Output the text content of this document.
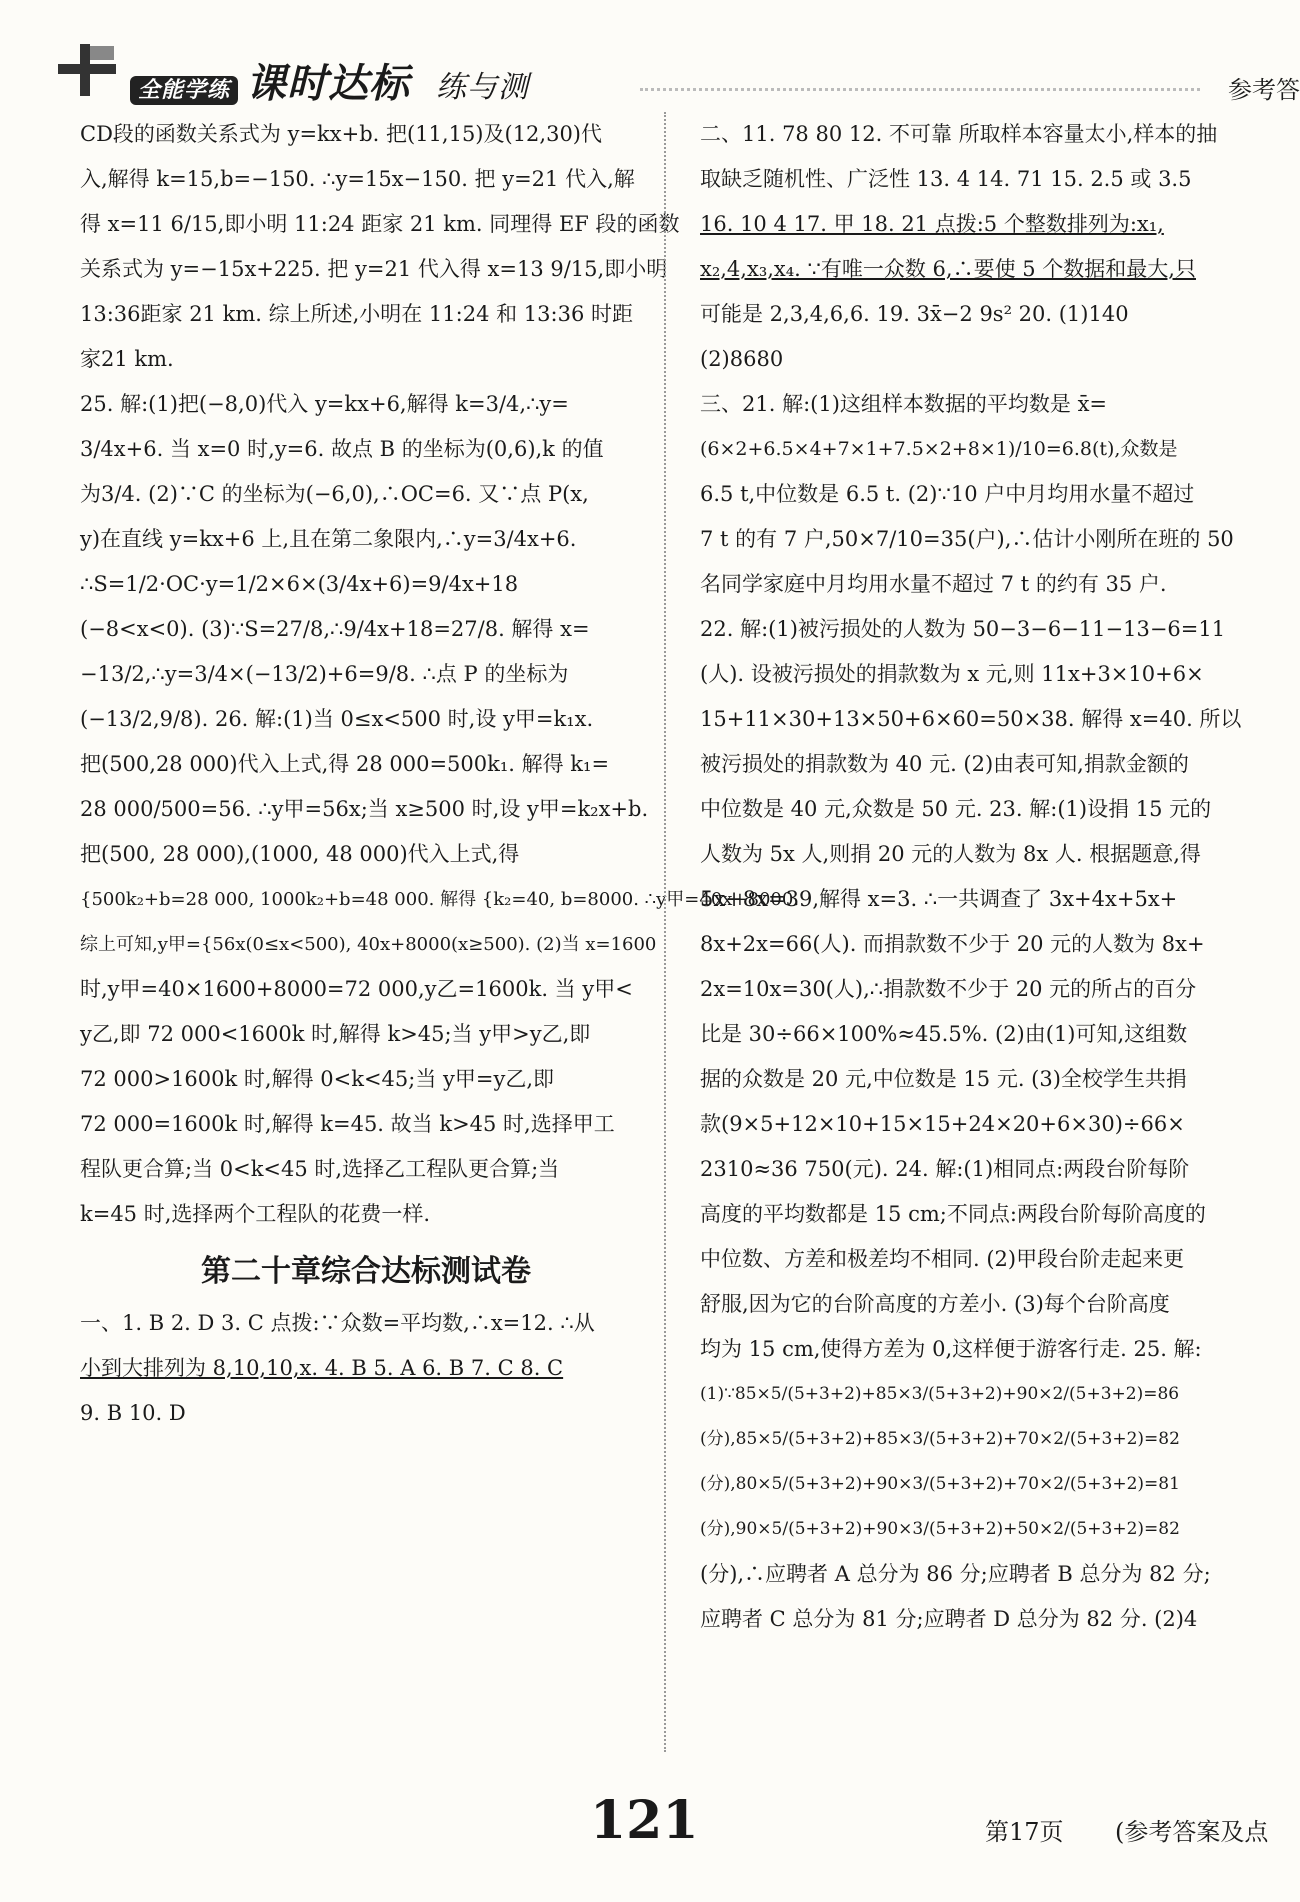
全能学练 课时达标 练与测	参考答

CD段的函数关系式为 y=kx+b. 把(11,15)及(12,30)代

入,解得 k=15,b=−150. ∴y=15x−150. 把 y=21 代入,解

得 x=11 6/15,即小明 11:24 距家 21 km. 同理得 EF 段的函数

关系式为 y=−15x+225. 把 y=21 代入得 x=13 9/15,即小明

13:36距家 21 km. 综上所述,小明在 11:24 和 13:36 时距

家21 km.

25. 解:(1)把(−8,0)代入 y=kx+6,解得 k=3/4,∴y=

3/4x+6. 当 x=0 时,y=6. 故点 B 的坐标为(0,6),k 的值

为3/4. (2)∵C 的坐标为(−6,0),∴OC=6. 又∵点 P(x,

y)在直线 y=kx+6 上,且在第二象限内,∴y=3/4x+6.

∴S=1/2·OC·y=1/2×6×(3/4x+6)=9/4x+18

(−8<x<0). (3)∵S=27/8,∴9/4x+18=27/8. 解得 x=

−13/2,∴y=3/4×(−13/2)+6=9/8. ∴点 P 的坐标为

(−13/2,9/8). 26. 解:(1)当 0≤x<500 时,设 y甲=k₁x.

把(500,28 000)代入上式,得 28 000=500k₁. 解得 k₁=

28 000/500=56. ∴y甲=56x;当 x≥500 时,设 y甲=k₂x+b.

把(500, 28 000),(1000, 48 000)代入上式,得

{500k₂+b=28 000, 1000k₂+b=48 000. 解得 {k₂=40, b=8000. ∴y甲=40x+8000.

综上可知,y甲={56x(0≤x<500), 40x+8000(x≥500). (2)当 x=1600

时,y甲=40×1600+8000=72 000,y乙=1600k. 当 y甲<

y乙,即 72 000<1600k 时,解得 k>45;当 y甲>y乙,即

72 000>1600k 时,解得 0<k<45;当 y甲=y乙,即

72 000=1600k 时,解得 k=45. 故当 k>45 时,选择甲工

程队更合算;当 0<k<45 时,选择乙工程队更合算;当

k=45 时,选择两个工程队的花费一样.

第二十章综合达标测试卷

一、1. B 2. D 3. C 点拨:∵众数=平均数,∴x=12. ∴从

小到大排列为 8,10,10,x. 4. B 5. A 6. B 7. C 8. C

9. B 10. D

二、11. 78 80 12. 不可靠 所取样本容量太小,样本的抽

取缺乏随机性、广泛性 13. 4 14. 71 15. 2.5 或 3.5

16. 10 4 17. 甲 18. 21 点拨:5 个整数排列为:x₁,

x₂,4,x₃,x₄. ∵有唯一众数 6,∴要使 5 个数据和最大,只

可能是 2,3,4,6,6. 19. 3x̄−2 9s² 20. (1)140

(2)8680

三、21. 解:(1)这组样本数据的平均数是 x̄=

(6×2+6.5×4+7×1+7.5×2+8×1)/10=6.8(t),众数是

6.5 t,中位数是 6.5 t. (2)∵10 户中月均用水量不超过

7 t 的有 7 户,50×7/10=35(户),∴估计小刚所在班的 50

名同学家庭中月均用水量不超过 7 t 的约有 35 户.

22. 解:(1)被污损处的人数为 50−3−6−11−13−6=11

(人). 设被污损处的捐款数为 x 元,则 11x+3×10+6×

15+11×30+13×50+6×60=50×38. 解得 x=40. 所以

被污损处的捐款数为 40 元. (2)由表可知,捐款金额的

中位数是 40 元,众数是 50 元. 23. 解:(1)设捐 15 元的

人数为 5x 人,则捐 20 元的人数为 8x 人. 根据题意,得

5x+8x=39,解得 x=3. ∴一共调查了 3x+4x+5x+

8x+2x=66(人). 而捐款数不少于 20 元的人数为 8x+

2x=10x=30(人),∴捐款数不少于 20 元的所占的百分

比是 30÷66×100%≈45.5%. (2)由(1)可知,这组数

据的众数是 20 元,中位数是 15 元. (3)全校学生共捐

款(9×5+12×10+15×15+24×20+6×30)÷66×

2310≈36 750(元). 24. 解:(1)相同点:两段台阶每阶

高度的平均数都是 15 cm;不同点:两段台阶每阶高度的

中位数、方差和极差均不相同. (2)甲段台阶走起来更

舒服,因为它的台阶高度的方差小. (3)每个台阶高度

均为 15 cm,使得方差为 0,这样便于游客行走. 25. 解:

(1)∵85×5/(5+3+2)+85×3/(5+3+2)+90×2/(5+3+2)=86

(分),85×5/(5+3+2)+85×3/(5+3+2)+70×2/(5+3+2)=82

(分),80×5/(5+3+2)+90×3/(5+3+2)+70×2/(5+3+2)=81

(分),90×5/(5+3+2)+90×3/(5+3+2)+50×2/(5+3+2)=82

(分),∴应聘者 A 总分为 86 分;应聘者 B 总分为 82 分;

应聘者 C 总分为 81 分;应聘者 D 总分为 82 分. (2)4

121	第17页 (参考答案及点
